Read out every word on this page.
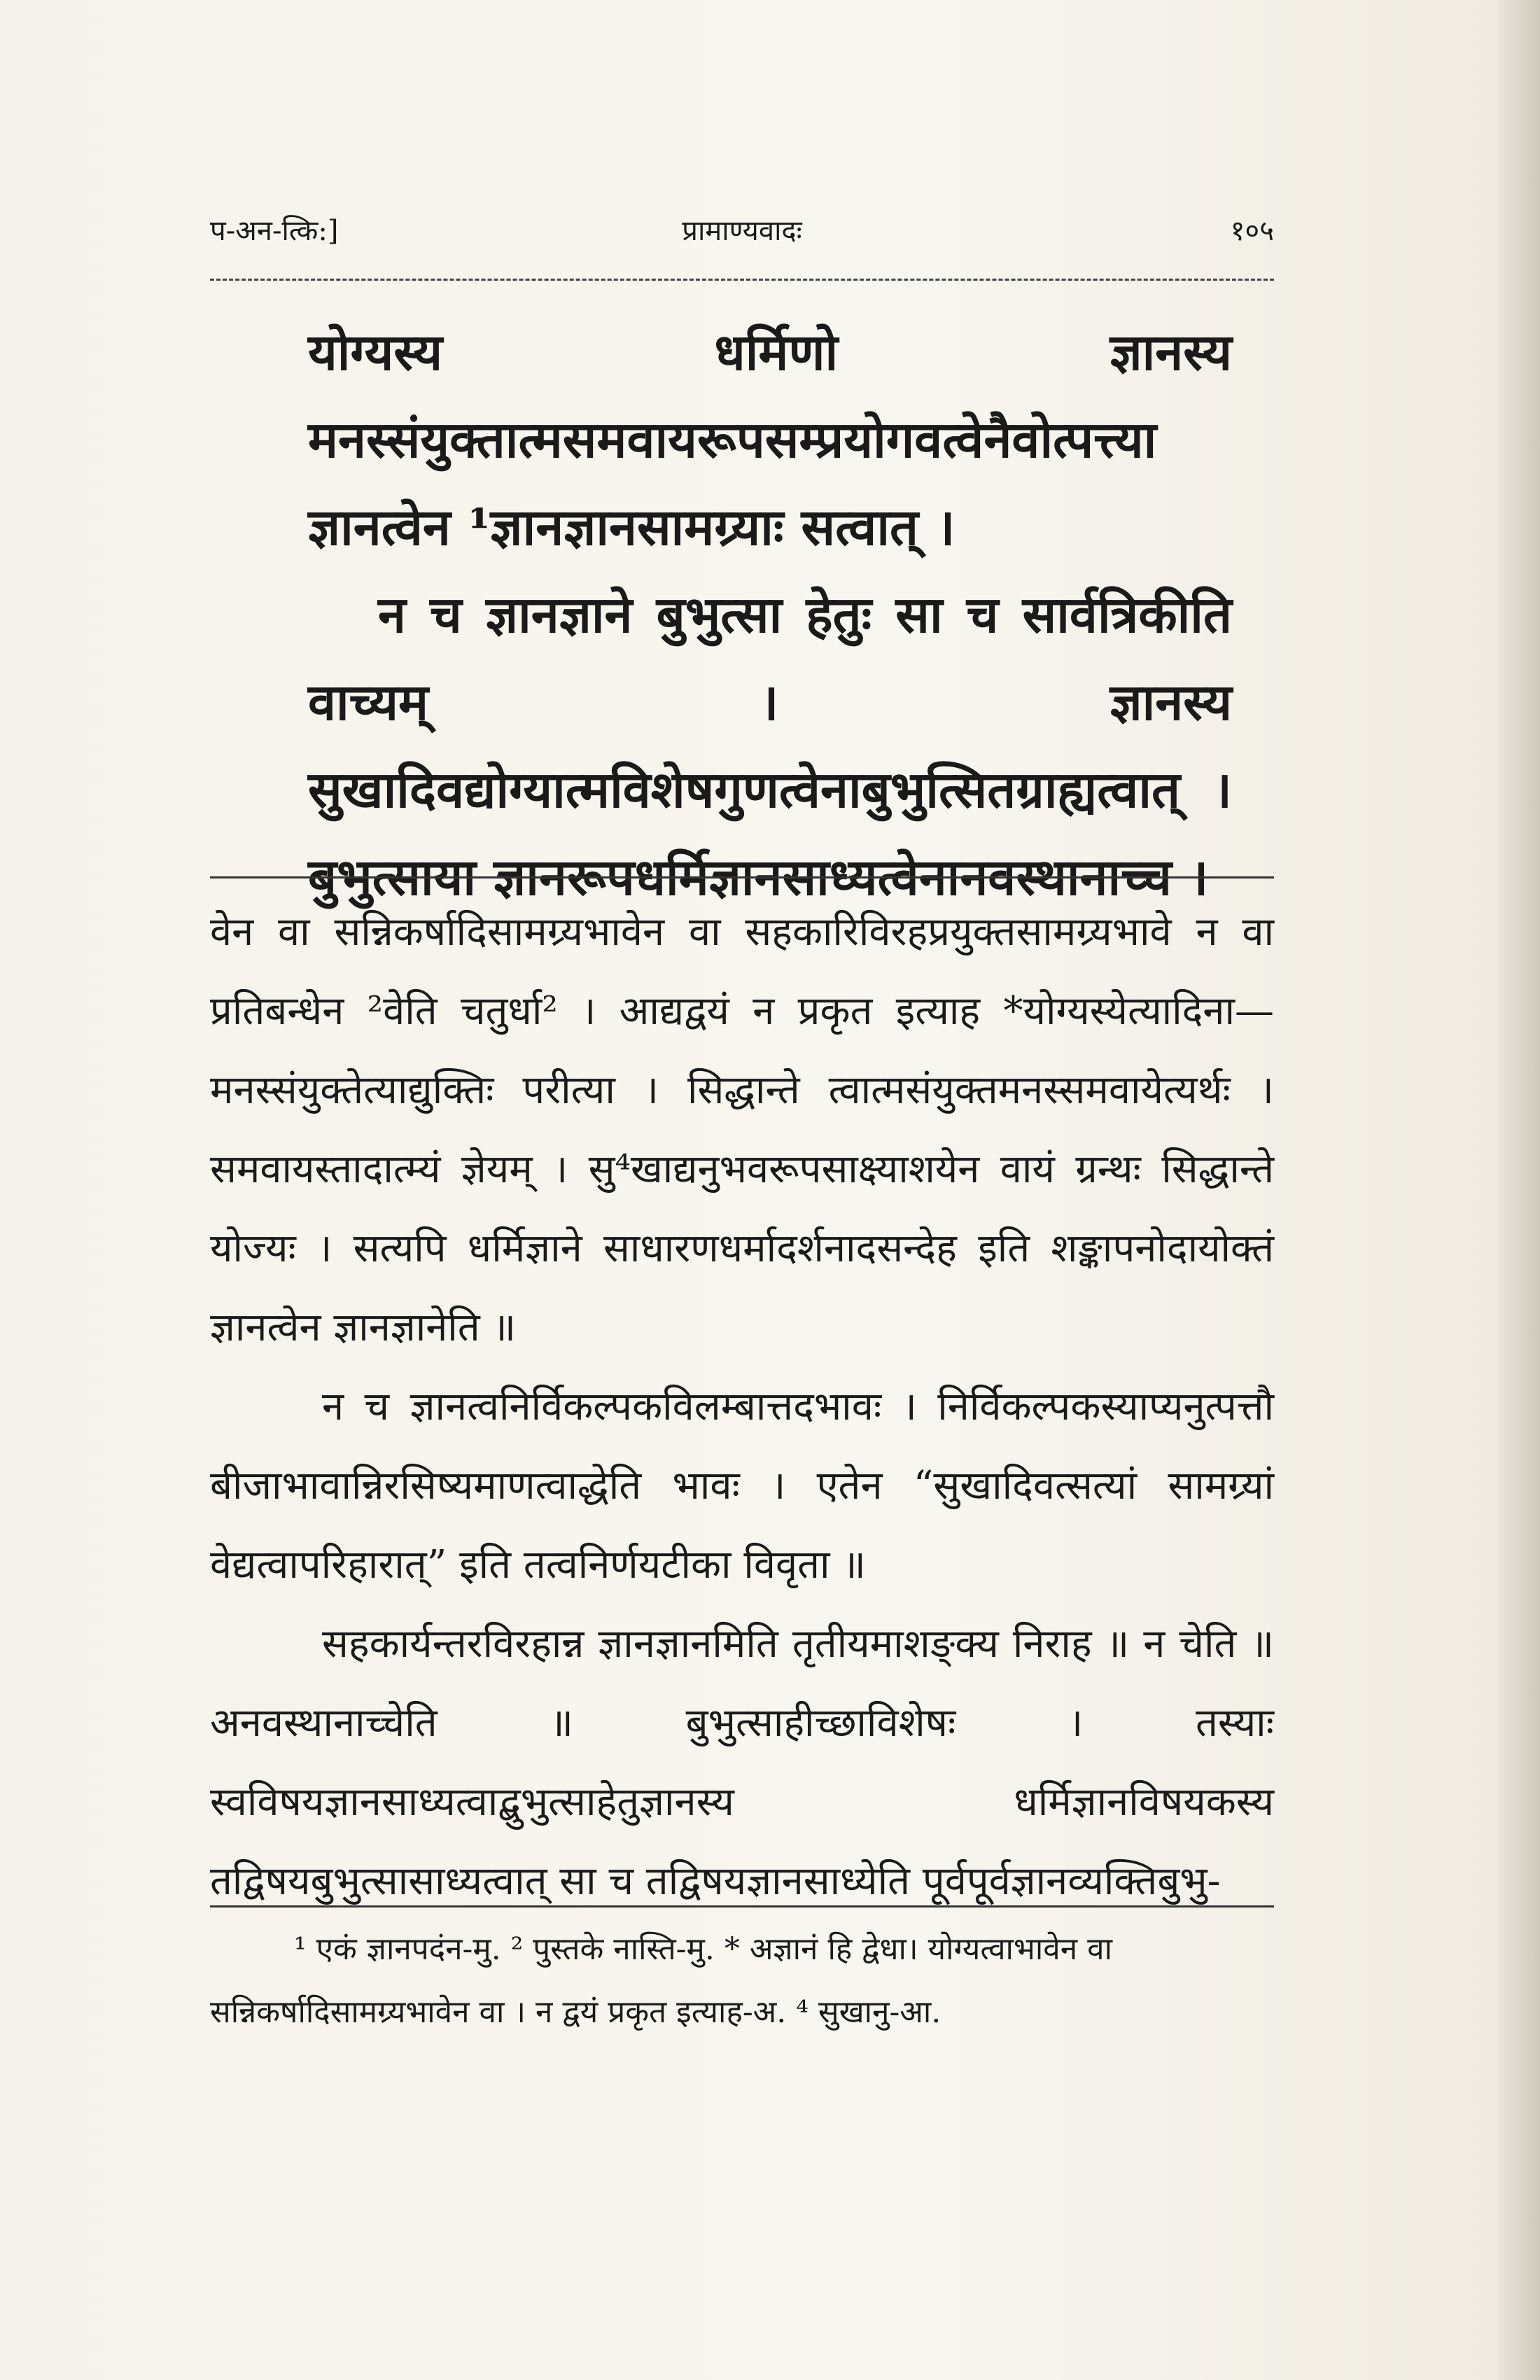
प्रामाण्यवादः
प-अन-त्कि:]	१०५

योग्यस्य धर्मिणो ज्ञानस्य मनस्संयुक्तात्मसमवायरूपसम्प्रयोगवत्वेनैवोत्पत्त्या ज्ञानत्वेन ¹ज्ञानज्ञानसामग्र्याः सत्वात् ।

न च ज्ञानज्ञाने बुभुत्सा हेतुः सा च सार्वत्रिकीति वाच्यम् । ज्ञानस्य सुखादिवद्योग्यात्मविशेषगुणत्वेनाबुभुत्सितग्राह्यत्वात् । बुभुत्साया ज्ञानरूपधर्मिज्ञानसाध्यत्वेनानवस्थानाच्च ।

वेन वा सन्निकर्षादिसामग्र्यभावेन वा सहकारिविरहप्रयुक्तसामग्र्यभावे न वा प्रतिबन्धेन ²वेति चतुर्धा² । आद्यद्वयं न प्रकृत इत्याह *योग्यस्येत्यादिना—मनस्संयुक्तेत्याद्युक्तिः परीत्या । सिद्धान्ते त्वात्मसंयुक्तमनस्समवायेत्यर्थः । समवायस्तादात्म्यं ज्ञेयम् । सु⁴खाद्यनुभवरूपसाक्ष्याशयेन वायं ग्रन्थः सिद्धान्ते योज्यः । सत्यपि धर्मिज्ञाने साधारणधर्मादर्शनादसन्देह इति शङ्कापनोदायोक्तं ज्ञानत्वेन ज्ञानज्ञानेति ॥

न च ज्ञानत्वनिर्विकल्पकविलम्बात्तदभावः । निर्विकल्पकस्याप्यनुत्पत्तौ बीजाभावान्निरसिष्यमाणत्वाद्धेति भावः । एतेन “सुखादिवत्सत्यां सामग्र्यां वेद्यत्वापरिहारात्” इति तत्वनिर्णयटीका विवृता ॥

सहकार्यन्तरविरहान्न ज्ञानज्ञानमिति तृतीयमाशङ्क्य निराह ॥ न चेति ॥ अनवस्थानाच्चेति ॥ बुभुत्साहीच्छाविशेषः । तस्याः स्वविषयज्ञानसाध्यत्वाद्बुभुत्साहेतुज्ञानस्य धर्मिज्ञानविषयकस्य तद्विषयबुभुत्सासाध्यत्वात् सा च तद्विषयज्ञानसाध्येति पूर्वपूर्वज्ञानव्यक्तिबुभु-

¹ एकं ज्ञानपदंन-मु. ² पुस्तके नास्ति-मु. * अज्ञानं हि द्वेधा। योग्यत्वाभावेन वा सन्निकर्षादिसामग्र्यभावेन वा । न द्वयं प्रकृत इत्याह-अ. ⁴ सुखानु-आ.
